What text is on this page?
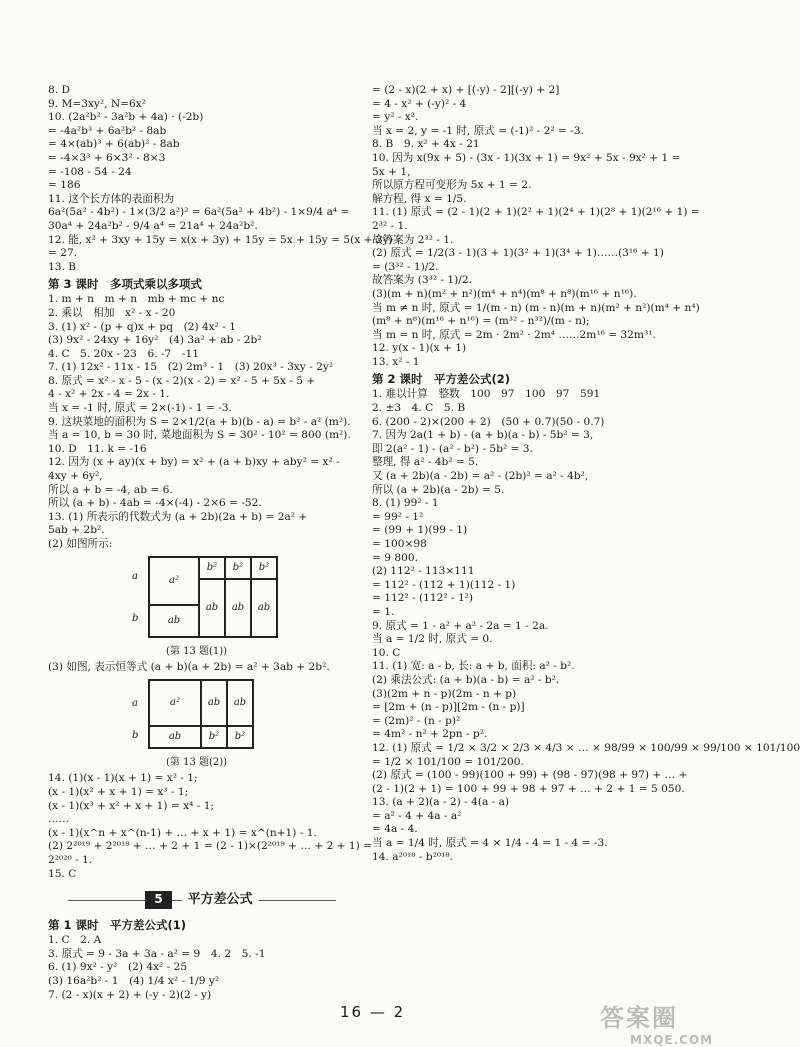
8. D
9. M=3xy², N=6x²
10. (2a²b² - 3a²b + 4a) · (-2b)
= -4a²b³ + 6a²b² - 8ab
= 4×(ab)³ + 6(ab)² - 8ab
= -4×3³ + 6×3² - 8×3
= -108 - 54 - 24
= 186
11. 这个长方体的表面积为
6a²(5a² - 4b²) - 1×(3/2 a²)² = 6a²(5a² + 4b²) - 1×9/4 a⁴ =
30a⁴ + 24a²b² - 9/4 a⁴ = 21a⁴ + 24a²b².
12. 能, x² + 3xy + 15y = x(x + 3y) + 15y = 5x + 15y = 5(x + 3y)
= 27.
13. B
第 3 课时　多项式乘以多项式
1. m + n　m + n　mb + mc + nc
2. 乘以　相加　x² - x - 20
3. (1) x² - (p + q)x + pq　(2) 4x² - 1
(3) 9x² - 24xy + 16y²　(4) 3a² + ab - 2b²
4. C　5. 20x - 23　6. -7　-11
7. (1) 12x² - 11x - 15　(2) 2m³ - 1　(3) 20x³ - 3xy - 2y²
8. 原式 = x² - x - 5 - (x - 2)(x - 2) = x² - 5 + 5x - 5 +
4 - x² + 2x - 4 = 2x - 1.
当 x = -1 时, 原式 = 2×(-1) - 1 = -3.
9. 这块菜地的面积为 S = 2×1/2(a + b)(b - a) = b² - a² (m²).
当 a = 10, b = 30 时, 菜地面积为 S = 30² - 10² = 800 (m²).
10. D　11. k = -16
12. 因为 (x + ay)(x + by) = x² + (a + b)xy + aby² = x² -
4xy + 6y²,
所以 a + b = -4, ab = 6.
所以 (a + b) - 4ab = -4×(-4) - 2×6 = -52.
13. (1) 所表示的代数式为 (a + 2b)(2a + b) = 2a² +
5ab + 2b².
(2) 如图所示:
a
b
a²
ab
b² b² b²
ab ab ab
(第 13 题(1))
(3) 如图, 表示恒等式 (a + b)(a + 2b) = a² + 3ab + 2b².
a
b
a²
ab
ab ab
b² b²
(第 13 题(2))
14. (1)(x - 1)(x + 1) = x² - 1;
(x - 1)(x² + x + 1) = x³ - 1;
(x - 1)(x³ + x² + x + 1) = x⁴ - 1;
……
(x - 1)(x^n + x^(n-1) + … + x + 1) = x^(n+1) - 1.
(2) 2²⁰¹⁹ + 2²⁰¹⁸ + … + 2 + 1 = (2 - 1)×(2²⁰¹⁹ + … + 2 + 1) =
2²⁰²⁰ - 1.
15. C
5	平方差公式
第 1 课时　平方差公式(1)
1. C　2. A
3. 原式 = 9 - 3a + 3a - a² = 9　4. 2　5. -1
6. (1) 9x² - y²　(2) 4x² - 25
(3) 16a²b² - 1　(4) 1/4 x² - 1/9 y²
7. (2 - x)(x + 2) + (-y - 2)(2 - y)
= (2 - x)(2 + x) + [(-y) - 2][(-y) + 2]
= 4 - x² + (-y)² - 4
= y² - x².
当 x = 2, y = -1 时, 原式 = (-1)² - 2² = -3.
8. B　9. x² + 4x - 21
10. 因为 x(9x + 5) - (3x - 1)(3x + 1) = 9x² + 5x - 9x² + 1 =
5x + 1,
所以原方程可变形为 5x + 1 = 2.
解方程, 得 x = 1/5.
11. (1) 原式 = (2 - 1)(2 + 1)(2² + 1)(2⁴ + 1)(2⁸ + 1)(2¹⁶ + 1) =
2³² - 1.
故答案为 2³² - 1.
(2) 原式 = 1/2(3 - 1)(3 + 1)(3² + 1)(3⁴ + 1)……(3¹⁶ + 1)
= (3³² - 1)/2.
故答案为 (3³² - 1)/2.
(3)(m + n)(m² + n²)(m⁴ + n⁴)(m⁸ + n⁸)(m¹⁶ + n¹⁶).
当 m ≠ n 时, 原式 = 1/(m - n) (m - n)(m + n)(m² + n²)(m⁴ + n⁴)
(m⁸ + n⁸)(m¹⁶ + n¹⁶) = (m³² - n³²)/(m - n);
当 m = n 时, 原式 = 2m · 2m² · 2m⁴ ……2m¹⁶ = 32m³¹.
12. y(x - 1)(x + 1)
13. x² - 1
第 2 课时　平方差公式(2)
1. 难以计算　整数　100　97　100　97　591
2. ±3　4. C　5. B
6. (200 - 2)×(200 + 2)　(50 + 0.7)(50 - 0.7)
7. 因为 2a(1 + b) - (a + b)(a - b) - 5b² = 3,
即 2(a² - 1) - (a² - b²) - 5b² = 3.
整理, 得 a² - 4b² = 5.
又 (a + 2b)(a - 2b) = a² - (2b)² = a² - 4b²,
所以 (a + 2b)(a - 2b) = 5.
8. (1) 99² - 1
= 99² - 1²
= (99 + 1)(99 - 1)
= 100×98
= 9 800.
(2) 112² - 113×111
= 112² - (112 + 1)(112 - 1)
= 112² - (112² - 1²)
= 1.
9. 原式 = 1 - a² + a² - 2a = 1 - 2a.
当 a = 1/2 时, 原式 = 0.
10. C
11. (1) 宽: a - b, 长: a + b, 面积: a² - b².
(2) 乘法公式: (a + b)(a - b) = a² - b².
(3)(2m + n - p)(2m - n + p)
= [2m + (n - p)][2m - (n - p)]
= (2m)² - (n - p)²
= 4m² - n² + 2pn - p².
12. (1) 原式 = 1/2 × 3/2 × 2/3 × 4/3 × … × 98/99 × 100/99 × 99/100 × 101/100
= 1/2 × 101/100 = 101/200.
(2) 原式 = (100 - 99)(100 + 99) + (98 - 97)(98 + 97) + … +
(2 - 1)(2 + 1) = 100 + 99 + 98 + 97 + … + 2 + 1 = 5 050.
13. (a + 2)(a - 2) - 4(a - a)
= a² - 4 + 4a - a²
= 4a - 4.
当 a = 1/4 时, 原式 = 4 × 1/4 - 4 = 1 - 4 = -3.
14. a²⁰¹⁸ - b²⁰¹⁸.
16 — 2	答案圈
MXQE.COM
